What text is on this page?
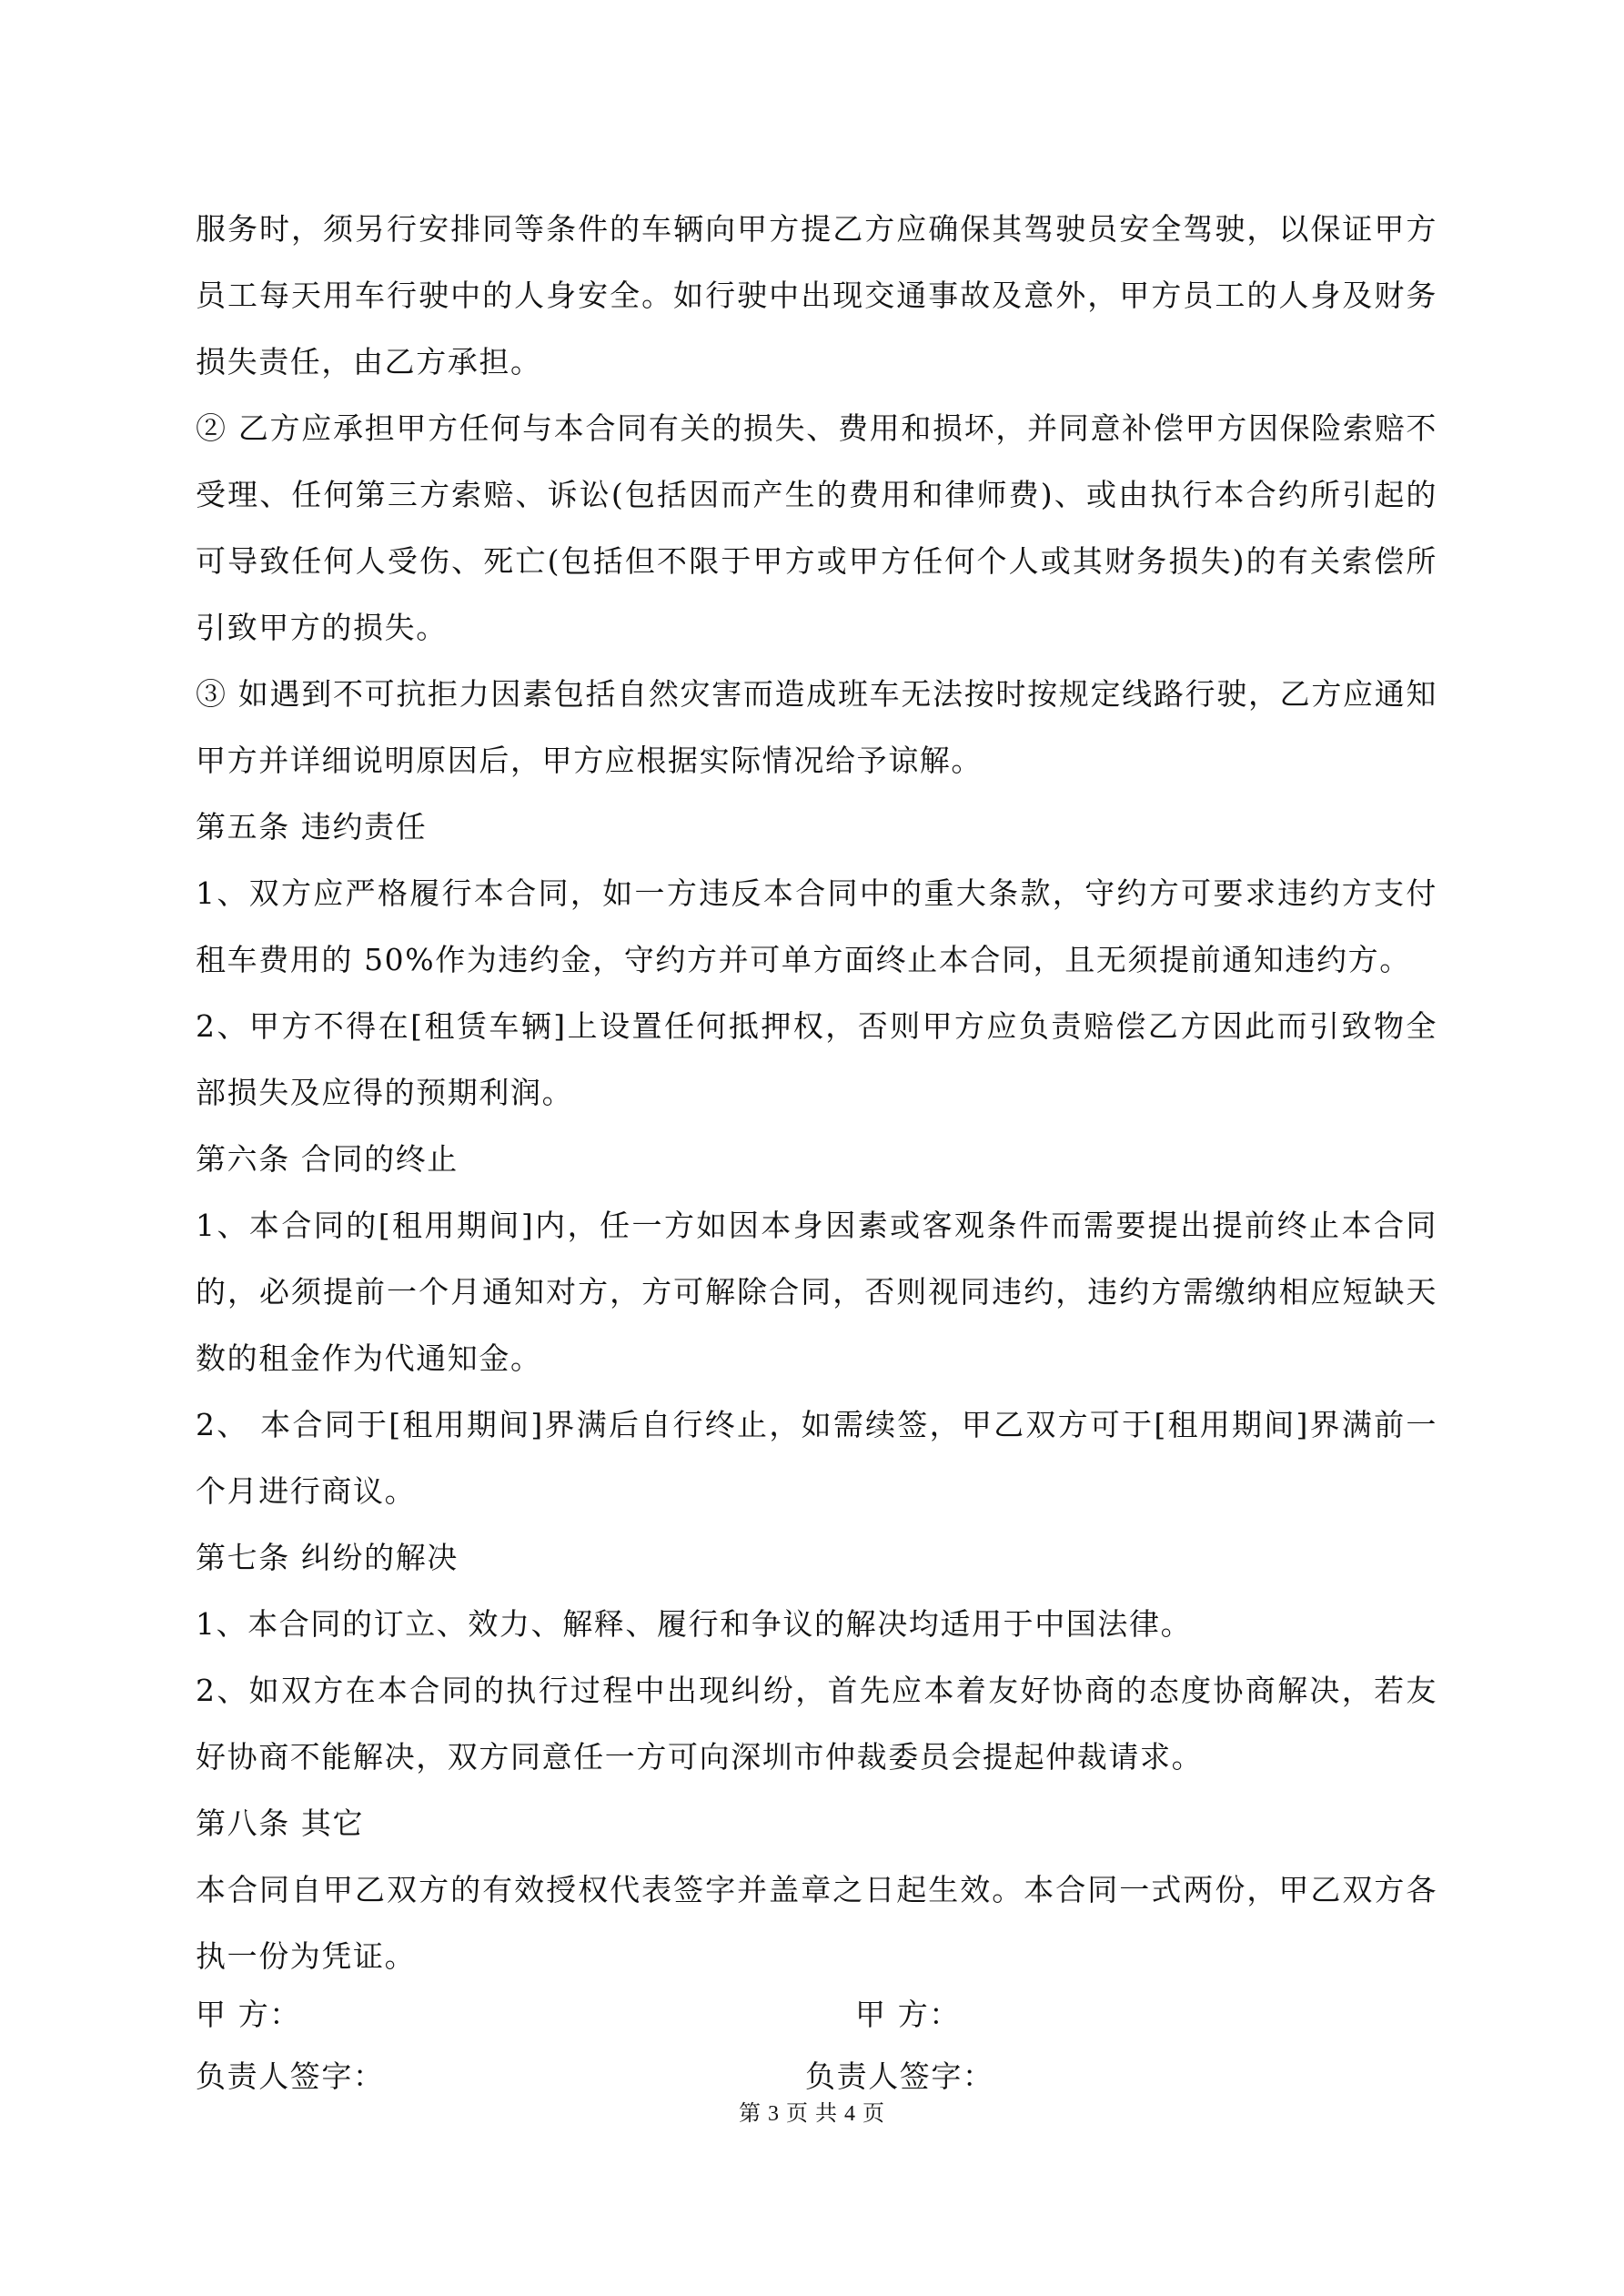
服务时，须另行安排同等条件的车辆向甲方提乙方应确保其驾驶员安全驾驶，以保证甲方员工每天用车行驶中的人身安全。如行驶中出现交通事故及意外，甲方员工的人身及财务损失责任，由乙方承担。

② 乙方应承担甲方任何与本合同有关的损失、费用和损坏，并同意补偿甲方因保险索赔不受理、任何第三方索赔、诉讼(包括因而产生的费用和律师费)、或由执行本合约所引起的可导致任何人受伤、死亡(包括但不限于甲方或甲方任何个人或其财务损失)的有关索偿所引致甲方的损失。

③ 如遇到不可抗拒力因素包括自然灾害而造成班车无法按时按规定线路行驶，乙方应通知甲方并详细说明原因后，甲方应根据实际情况给予谅解。

第五条 违约责任

1、双方应严格履行本合同，如一方违反本合同中的重大条款，守约方可要求违约方支付租车费用的 50%作为违约金，守约方并可单方面终止本合同，且无须提前通知违约方。

2、甲方不得在[租赁车辆]上设置任何抵押权，否则甲方应负责赔偿乙方因此而引致物全部损失及应得的预期利润。

第六条 合同的终止

1、本合同的[租用期间]内，任一方如因本身因素或客观条件而需要提出提前终止本合同的，必须提前一个月通知对方，方可解除合同，否则视同违约，违约方需缴纳相应短缺天数的租金作为代通知金。

2、 本合同于[租用期间]界满后自行终止，如需续签，甲乙双方可于[租用期间]界满前一个月进行商议。

第七条 纠纷的解决

1、本合同的订立、效力、解释、履行和争议的解决均适用于中国法律。

2、如双方在本合同的执行过程中出现纠纷，首先应本着友好协商的态度协商解决，若友好协商不能解决，双方同意任一方可向深圳市仲裁委员会提起仲裁请求。

第八条 其它

本合同自甲乙双方的有效授权代表签字并盖章之日起生效。本合同一式两份，甲乙双方各执一份为凭证。

甲 方：
负责人签字：
甲 方：
负责人签字：
第 3 页 共 4 页
